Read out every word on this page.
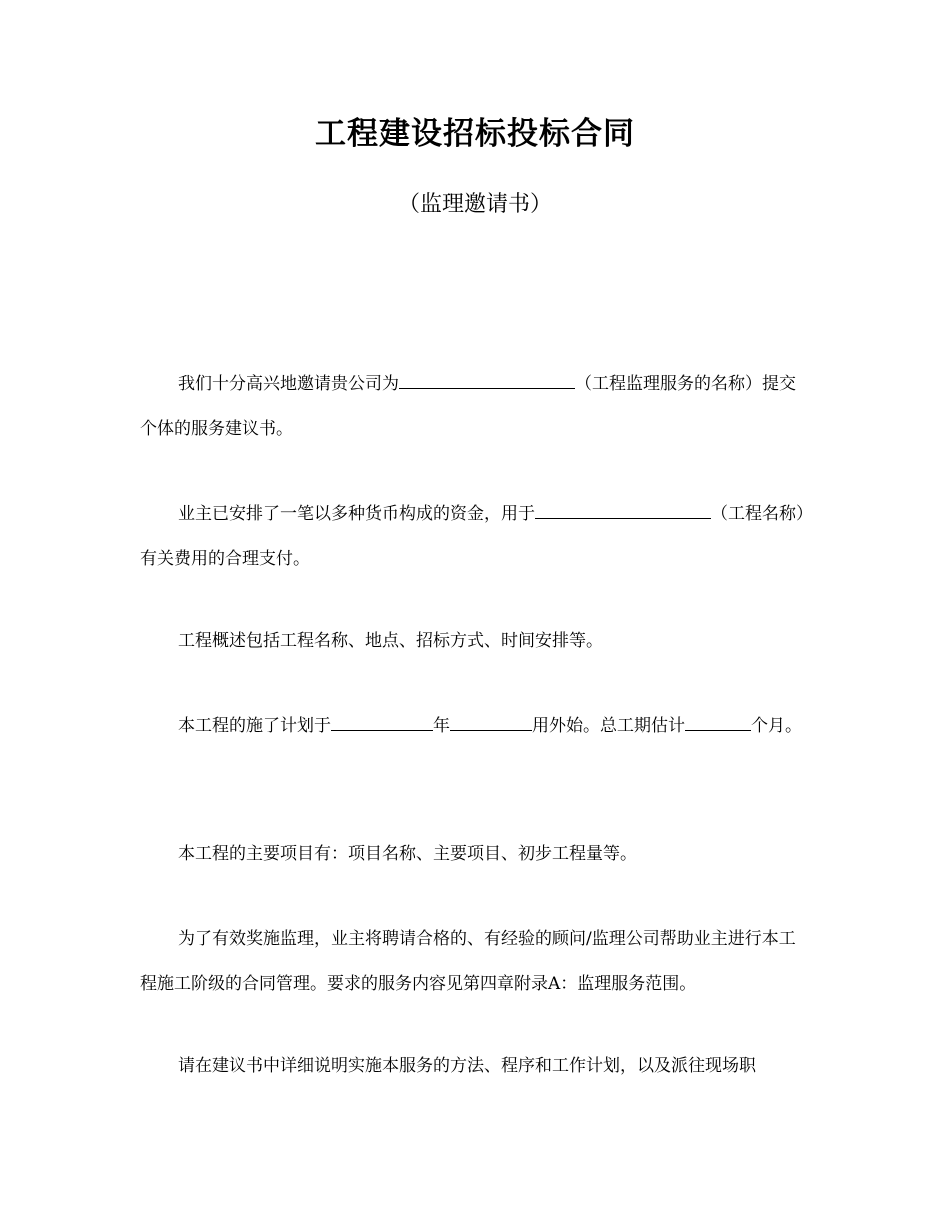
工程建设招标投标合同
（监理邀请书）

我们十分高兴地邀请贵公司为	（工程监理服务的名称）提交个体的服务建议书。

业主已安排了一笔以多种货币构成的资金，用于	（工程名称）有关费用的合理支付。

工程概述包括工程名称、地点、招标方式、时间安排等。

本工程的施了计划于	年	用外始。总工期估计	个月。

本工程的主要项目有：项目名称、主要项目、初步工程量等。

为了有效奖施监理，业主将聘请合格的、有经验的顾问/监理公司帮助业主进行本工程施工阶级的合同管理。要求的服务内容见第四章附录A：监理服务范围。

请在建议书中详细说明实施本服务的方法、程序和工作计划，以及派往现场职
